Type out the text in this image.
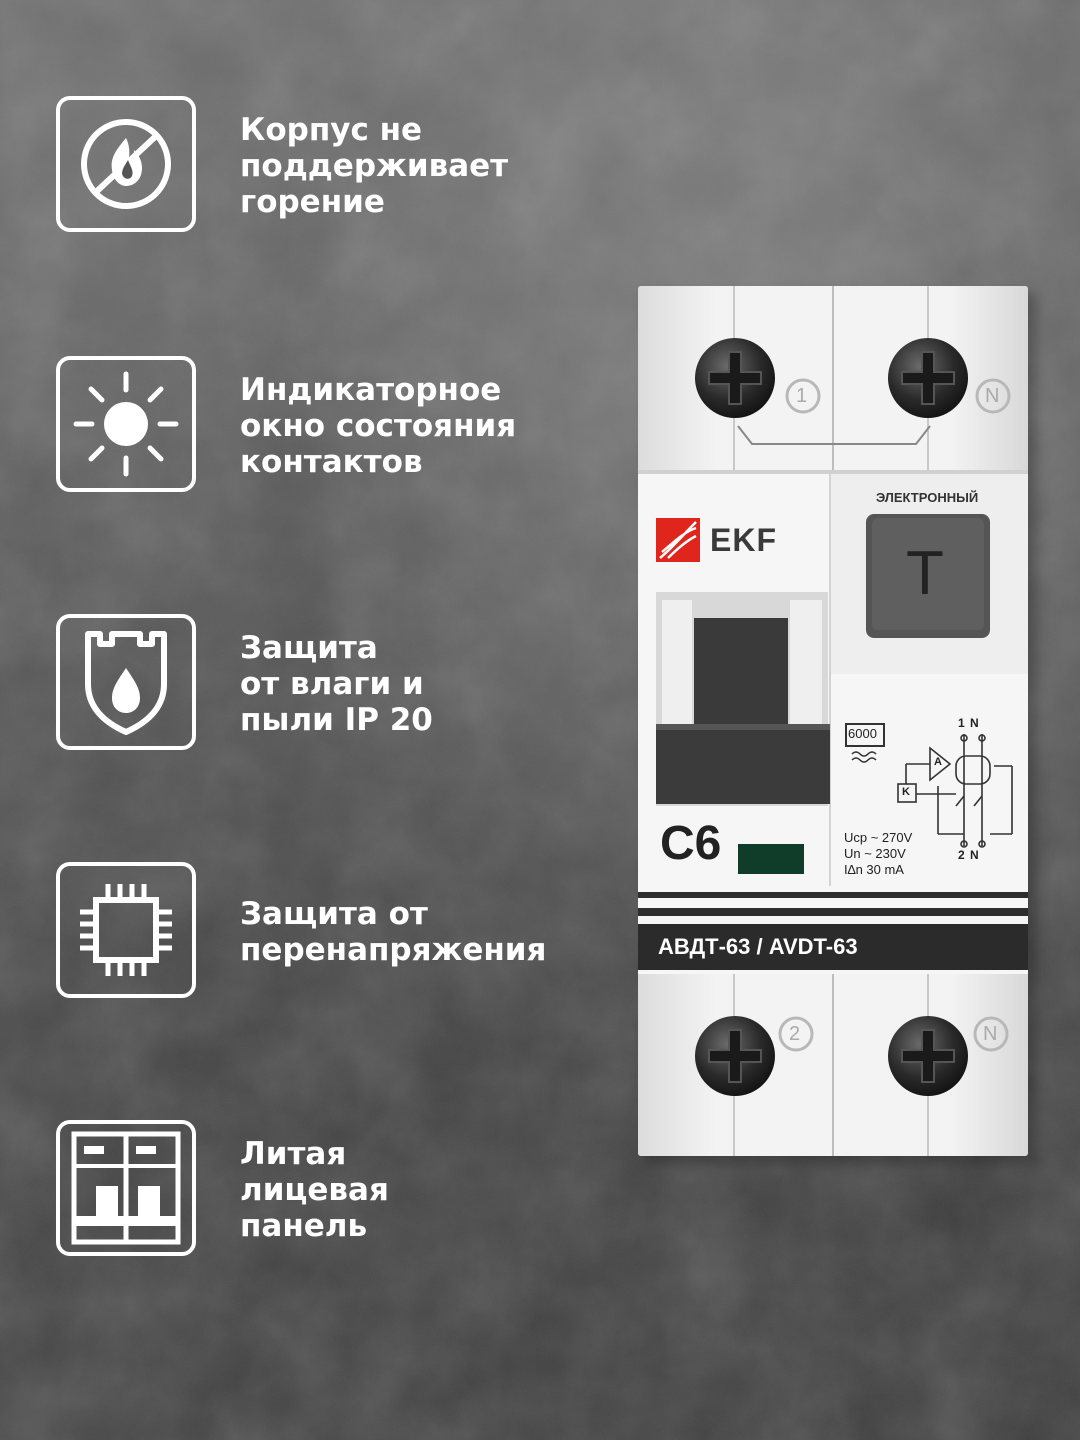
Корпус не
поддерживает
горение
Индикаторное
окно состояния
контактов
Защита
от влаги и
пыли IP 20
Защита от
перенапряжения
Литая
лицевая
панель
EKF
ЭЛЕКТРОННЫЙ
T
C6
6000
1	N
2	N
1 N
2 N
A
K
Ucp ~ 270V
Un ~ 230V
I∆n 30 mA
АВДТ-63 / AVDT-63
